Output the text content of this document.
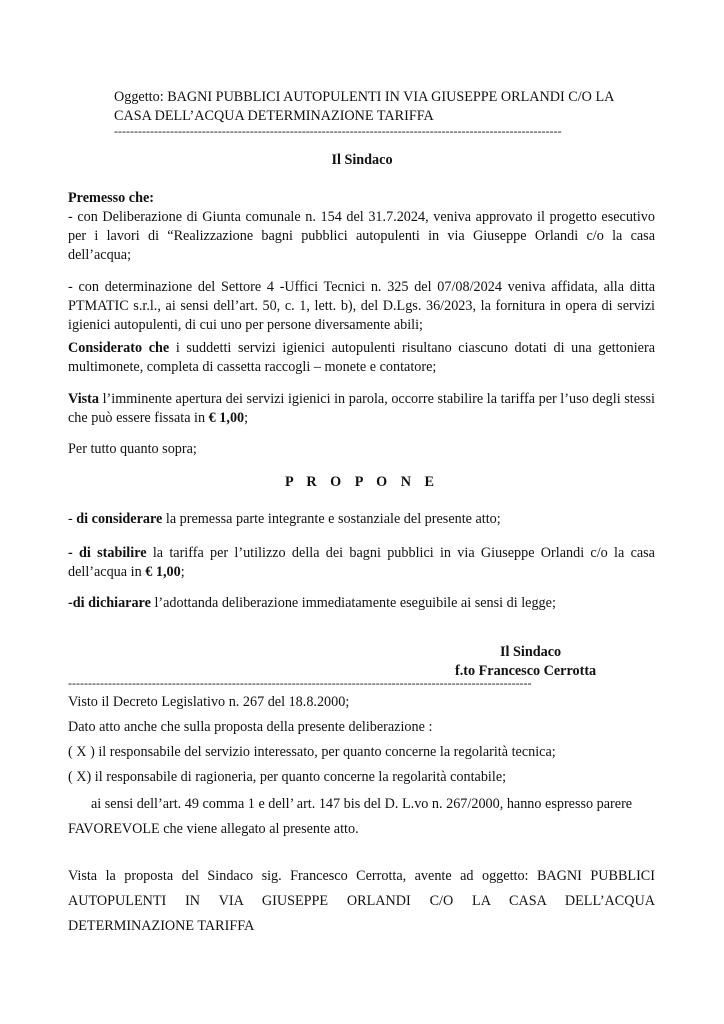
Oggetto: BAGNI PUBBLICI AUTOPULENTI IN VIA GIUSEPPE ORLANDI C/O LA
CASA DELL’ACQUA DETERMINAZIONE TARIFFA
----------------------------------------------------------------------------------------------------------------
Il Sindaco
Premesso che:

- con Deliberazione di Giunta comunale n. 154 del 31.7.2024, veniva approvato il progetto esecutivo per i lavori di “Realizzazione bagni pubblici autopulenti in via Giuseppe Orlandi c/o la casa dell’acqua;

- con determinazione del Settore 4 -Uffici Tecnici n. 325 del 07/08/2024 veniva affidata, alla ditta PTMATIC s.r.l., ai sensi dell’art. 50, c. 1, lett. b), del D.Lgs. 36/2023, la fornitura in opera di servizi igienici autopulenti, di cui uno per persone diversamente abili;

Considerato che i suddetti servizi igienici autopulenti risultano ciascuno dotati di una gettoniera multimonete, completa di cassetta raccogli – monete e contatore;

Vista l’imminente apertura dei servizi igienici in parola, occorre stabilire la tariffa per l’uso degli stessi che può essere fissata in € 1,00;

Per tutto quanto sopra;
P R O P O N E

- di considerare la premessa parte integrante e sostanziale del presente atto;

- di stabilire la tariffa per l’utilizzo della dei bagni pubblici in via Giuseppe Orlandi c/o la casa dell’acqua in € 1,00;

-di dichiarare l’adottanda deliberazione immediatamente eseguibile ai sensi di legge;

Il Sindaco
f.to Francesco Cerrotta
--------------------------------------------------------------------------------------------------------------------
Visto il Decreto Legislativo n. 267 del 18.8.2000;
Dato atto anche che sulla proposta della presente deliberazione :
( X ) il responsabile del servizio interessato, per quanto concerne la regolarità tecnica;
( X) il responsabile di ragioneria, per quanto concerne la regolarità contabile;
ai sensi dell’art. 49 comma 1 e dell’ art. 147 bis del D. L.vo n. 267/2000, hanno espresso parere
FAVOREVOLE che viene allegato al presente atto.

Vista la proposta del Sindaco sig. Francesco Cerrotta, avente ad oggetto: BAGNI PUBBLICI AUTOPULENTI IN VIA GIUSEPPE ORLANDI C/O LA CASA DELL’ACQUA DETERMINAZIONE TARIFFA
